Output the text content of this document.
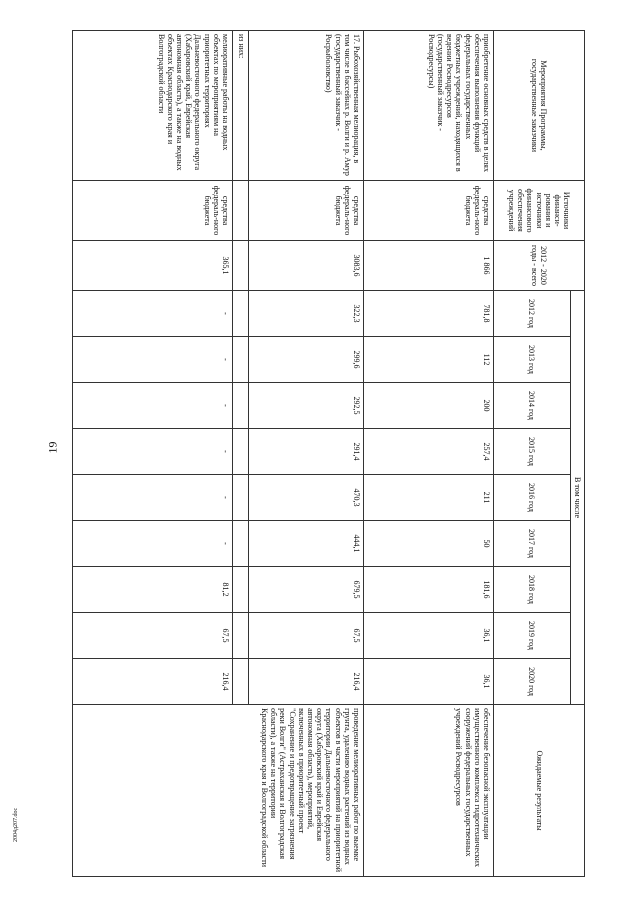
19
2004д207.doc
Мероприятия Программы, государственные заказчики	Источники финанси-рования и источники финансового обеспечения учреждений	2012 - 2020 годы - всего	В том числе									Ожидаемые результаты
			2012 год	2013 год	2014 год	2015 год	2016 год	2017 год	2018 год	2019 год	2020 год	
приобретение основных средств в целях обеспечения выполнения функций федеральных государственных бюджетных учреждений, находящихся в ведении Росводресурсов (государственный заказчик - Росводресурсы)	средства федераль-ного бюджета	1 866	781,8	112	200	257,4	211	50	181,6	36,1	36,1	обеспечение безопасной эксплуатации имущественного комплекса гидротехнических сооружений федеральных государственных учреждений Росводресурсов
17. Рыбохозяйственная мелиорация, в том числе в бассейнах р. Волги и р. Амур (государственный заказчик - Росрыболовство)	средства федераль-ного бюджета	3083,6	322,3	299,6	292,5	291,4	470,3	444,1	679,5	67,5	216,4	проведение мелиоративных работ по выемке грунта, удалению водных растений из водных объектов в части мероприятий на приоритетной территории Дальневосточного федерального округа (Хабаровский край и Еврейская автономная область), мероприятий, включенных в приоритетный проект "Сохранение и предотвращение загрязнения реки Волги" (Астраханская и Волгоградская области), а также на территории Краснодарского края и Волгоградской области
из них:												
мелиоративные работы на водных объектах по мероприятиям на приоритетных территориях Дальневосточного федерального округа (Хабаровский край, Еврейская автономная область), а также на водных объектах Краснодарского края и Волгоградской области	средства федераль-ного бюджета	365,1	-	-	-	-	-	-	81,2	67,5	216,4	
